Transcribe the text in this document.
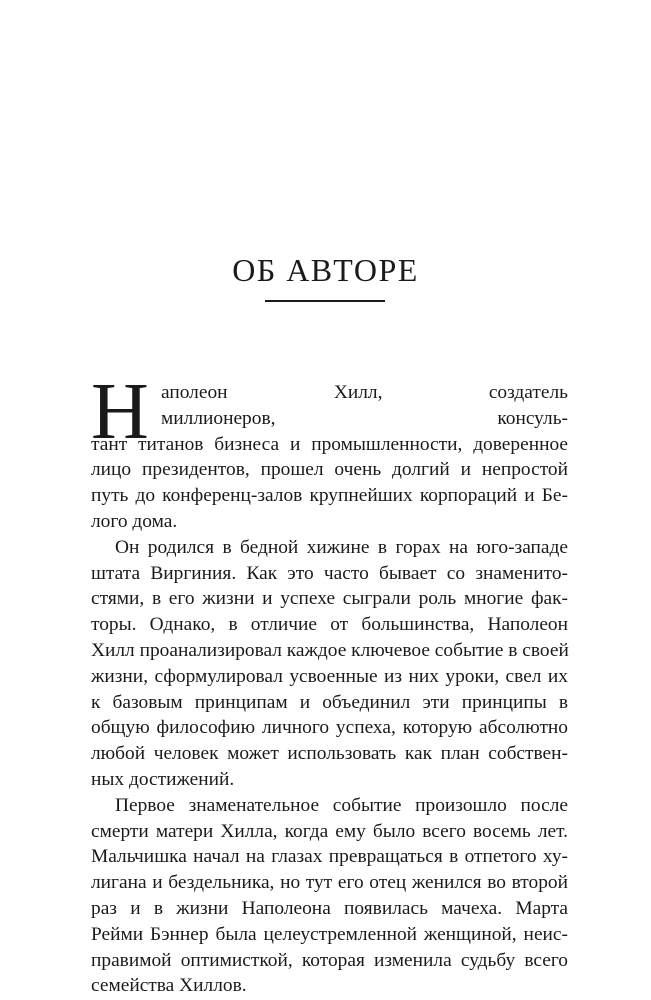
ОБ АВТОРЕ
Н аполеон Хилл, создатель
миллионеров, консуль-
тант титанов бизнеса и промышленности, доверенное
лицо президентов, прошел очень долгий и непростой
путь до конференц-залов крупнейших корпораций и Бе-
лого дома.
Он родился в бедной хижине в горах на юго-западе
штата Виргиния. Как это часто бывает со знаменито-
стями, в его жизни и успехе сыграли роль многие фак-
торы. Однако, в отличие от большинства, Наполеон
Хилл проанализировал каждое ключевое событие в своей
жизни, сформулировал усвоенные из них уроки, свел их
к базовым принципам и объединил эти принципы в
общую философию личного успеха, которую абсолютно
любой человек может использовать как план собствен-
ных достижений.
Первое знаменательное событие произошло после
смерти матери Хилла, когда ему было всего восемь лет.
Мальчишка начал на глазах превращаться в отпетого ху-
лигана и бездельника, но тут его отец женился во второй
раз и в жизни Наполеона появилась мачеха. Марта
Рейми Бэннер была целеустремленной женщиной, неис-
правимой оптимисткой, которая изменила судьбу всего
семейства Хиллов.
